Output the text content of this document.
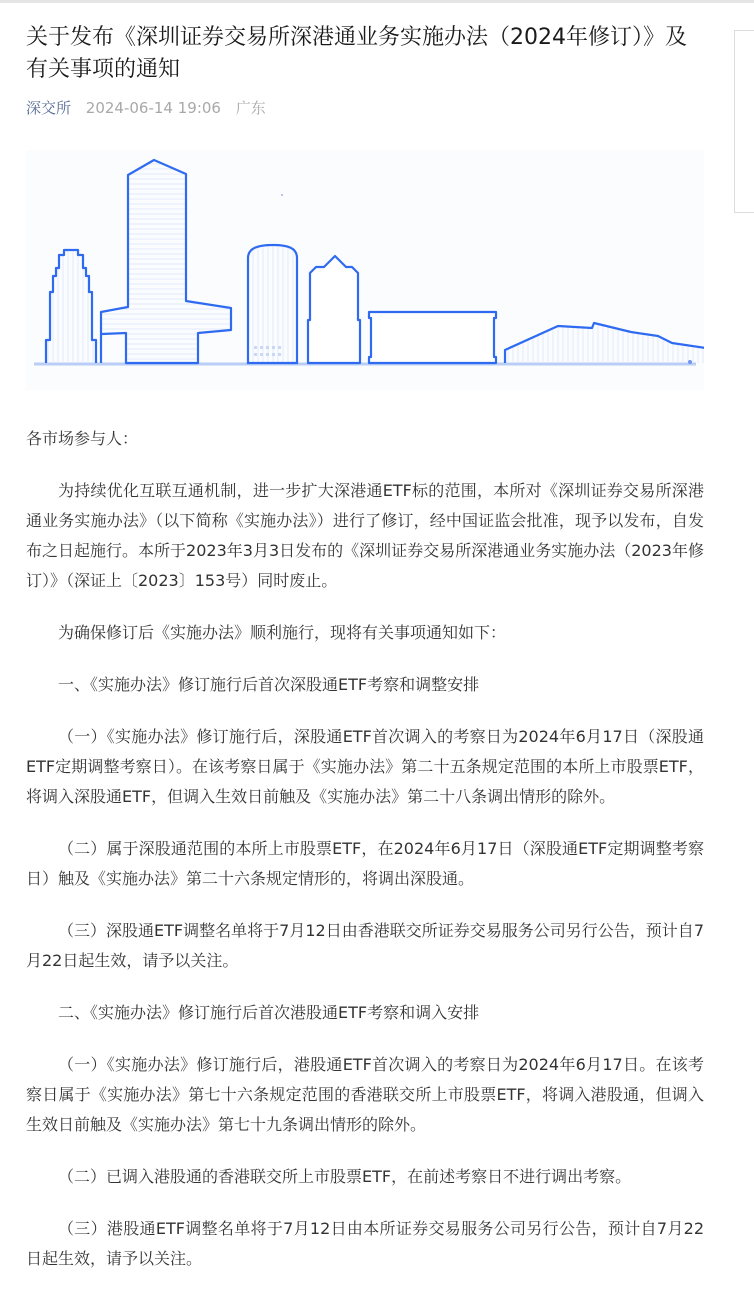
关于发布《深圳证券交易所深港通业务实施办法（2024年修订）》及有关事项的通知
深交所 2024-06-14 19:06 广东

各市场参与人：

为持续优化互联互通机制，进一步扩大深港通ETF标的范围，本所对《深圳证券交易所深港通业务实施办法》（以下简称《实施办法》）进行了修订，经中国证监会批准，现予以发布，自发布之日起施行。本所于2023年3月3日发布的《深圳证券交易所深港通业务实施办法（2023年修订）》（深证上〔2023〕153号）同时废止。

为确保修订后《实施办法》顺利施行，现将有关事项通知如下：

一、《实施办法》修订施行后首次深股通ETF考察和调整安排

（一）《实施办法》修订施行后，深股通ETF首次调入的考察日为2024年6月17日（深股通ETF定期调整考察日）。在该考察日属于《实施办法》第二十五条规定范围的本所上市股票ETF，将调入深股通ETF，但调入生效日前触及《实施办法》第二十八条调出情形的除外。

（二）属于深股通范围的本所上市股票ETF，在2024年6月17日（深股通ETF定期调整考察日）触及《实施办法》第二十六条规定情形的，将调出深股通。

（三）深股通ETF调整名单将于7月12日由香港联交所证券交易服务公司另行公告，预计自7月22日起生效，请予以关注。

二、《实施办法》修订施行后首次港股通ETF考察和调入安排

（一）《实施办法》修订施行后，港股通ETF首次调入的考察日为2024年6月17日。在该考察日属于《实施办法》第七十六条规定范围的香港联交所上市股票ETF，将调入港股通，但调入生效日前触及《实施办法》第七十九条调出情形的除外。

（二）已调入港股通的香港联交所上市股票ETF，在前述考察日不进行调出考察。

（三）港股通ETF调整名单将于7月12日由本所证券交易服务公司另行公告，预计自7月22日起生效，请予以关注。
